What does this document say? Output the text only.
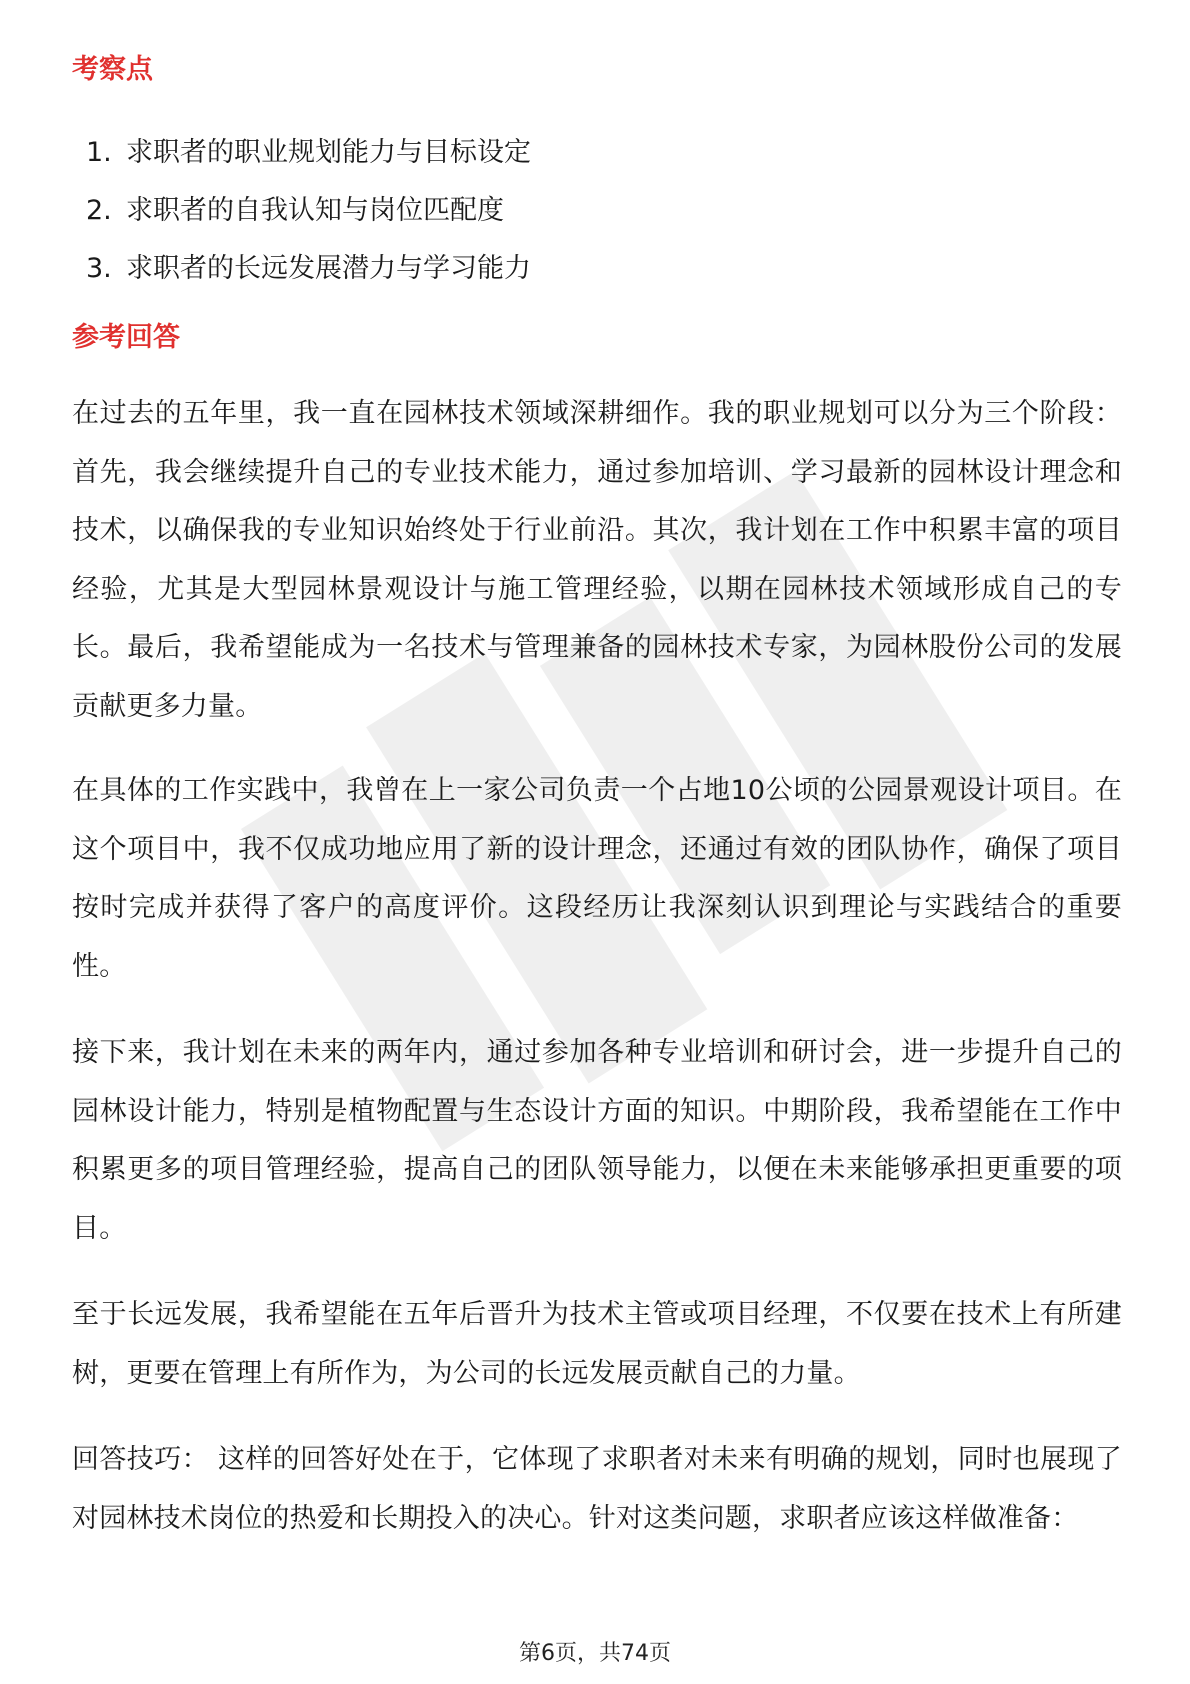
考察点
1. 求职者的职业规划能力与目标设定
2. 求职者的自我认知与岗位匹配度
3. 求职者的长远发展潜力与学习能力
参考回答

在过去的五年里，我一直在园林技术领域深耕细作。我的职业规划可以分为三个阶段：首先，我会继续提升自己的专业技术能力，通过参加培训、学习最新的园林设计理念和技术，以确保我的专业知识始终处于行业前沿。其次，我计划在工作中积累丰富的项目经验，尤其是大型园林景观设计与施工管理经验，以期在园林技术领域形成自己的专长。最后，我希望能成为一名技术与管理兼备的园林技术专家，为园林股份公司的发展贡献更多力量。

在具体的工作实践中，我曾在上一家公司负责一个占地10公顷的公园景观设计项目。在这个项目中，我不仅成功地应用了新的设计理念，还通过有效的团队协作，确保了项目按时完成并获得了客户的高度评价。这段经历让我深刻认识到理论与实践结合的重要性。

接下来，我计划在未来的两年内，通过参加各种专业培训和研讨会，进一步提升自己的园林设计能力，特别是植物配置与生态设计方面的知识。中期阶段，我希望能在工作中积累更多的项目管理经验，提高自己的团队领导能力，以便在未来能够承担更重要的项目。

至于长远发展，我希望能在五年后晋升为技术主管或项目经理，不仅要在技术上有所建树，更要在管理上有所作为，为公司的长远发展贡献自己的力量。

回答技巧： 这样的回答好处在于，它体现了求职者对未来有明确的规划，同时也展现了对园林技术岗位的热爱和长期投入的决心。针对这类问题，求职者应该这样做准备：

第6页，共74页
